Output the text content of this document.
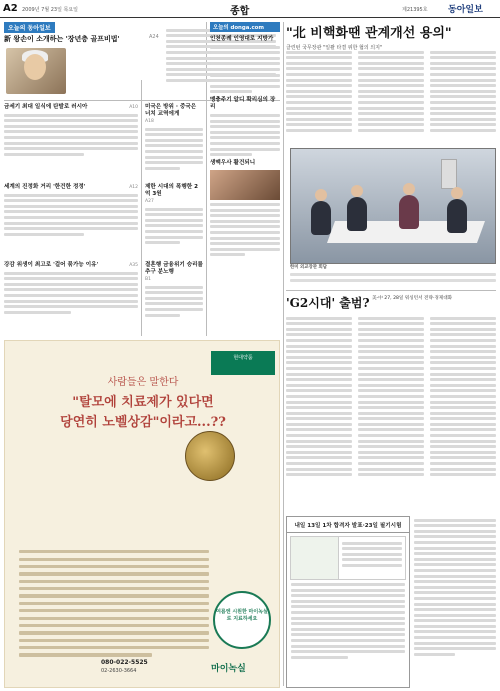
A2 2009년 7월 23일 목요일	종합	제21395호 동아일보
오늘의 동아일보
新 왕손이 소개하는 '장년층 골프비법'	A24
금세기 최대 일식에 탄발로 러시아	A10
세계의 진정화 거리 '한건한 정정'	A12
강감 위생이 최고로 '걸어 묶가능 이유'	A35
미국은 방위 · 중국은 너치 교역에게
A18
제한 시대의 폭행한 2억 3원
A27
결혼행 금융위기 승리를 추구 분노행
B1
오늘의 donga.com
인천종례 인영대로 지방가
맹충주기 알디 확리심의 장리
생맥우사 활건되니
현대약품
사람들은 말한다
"탈모에 치료제가 있다면
당연히 노벨상감"이라고...??
여름엔 시원한 마이녹실로 지료하세요
080-022-5525
02-2630-3664	마이녹실
"北 비핵화땐 관계개선 용의"
클린턴 국무장관 "일괄 타결 위한 협의 의지"
한미 외교장관 회담
'G2시대' 출범? 美-中 27, 28일 워싱턴서 전략·경제대화
내일 13일 1차 합격자 발표·23일 필기시험
